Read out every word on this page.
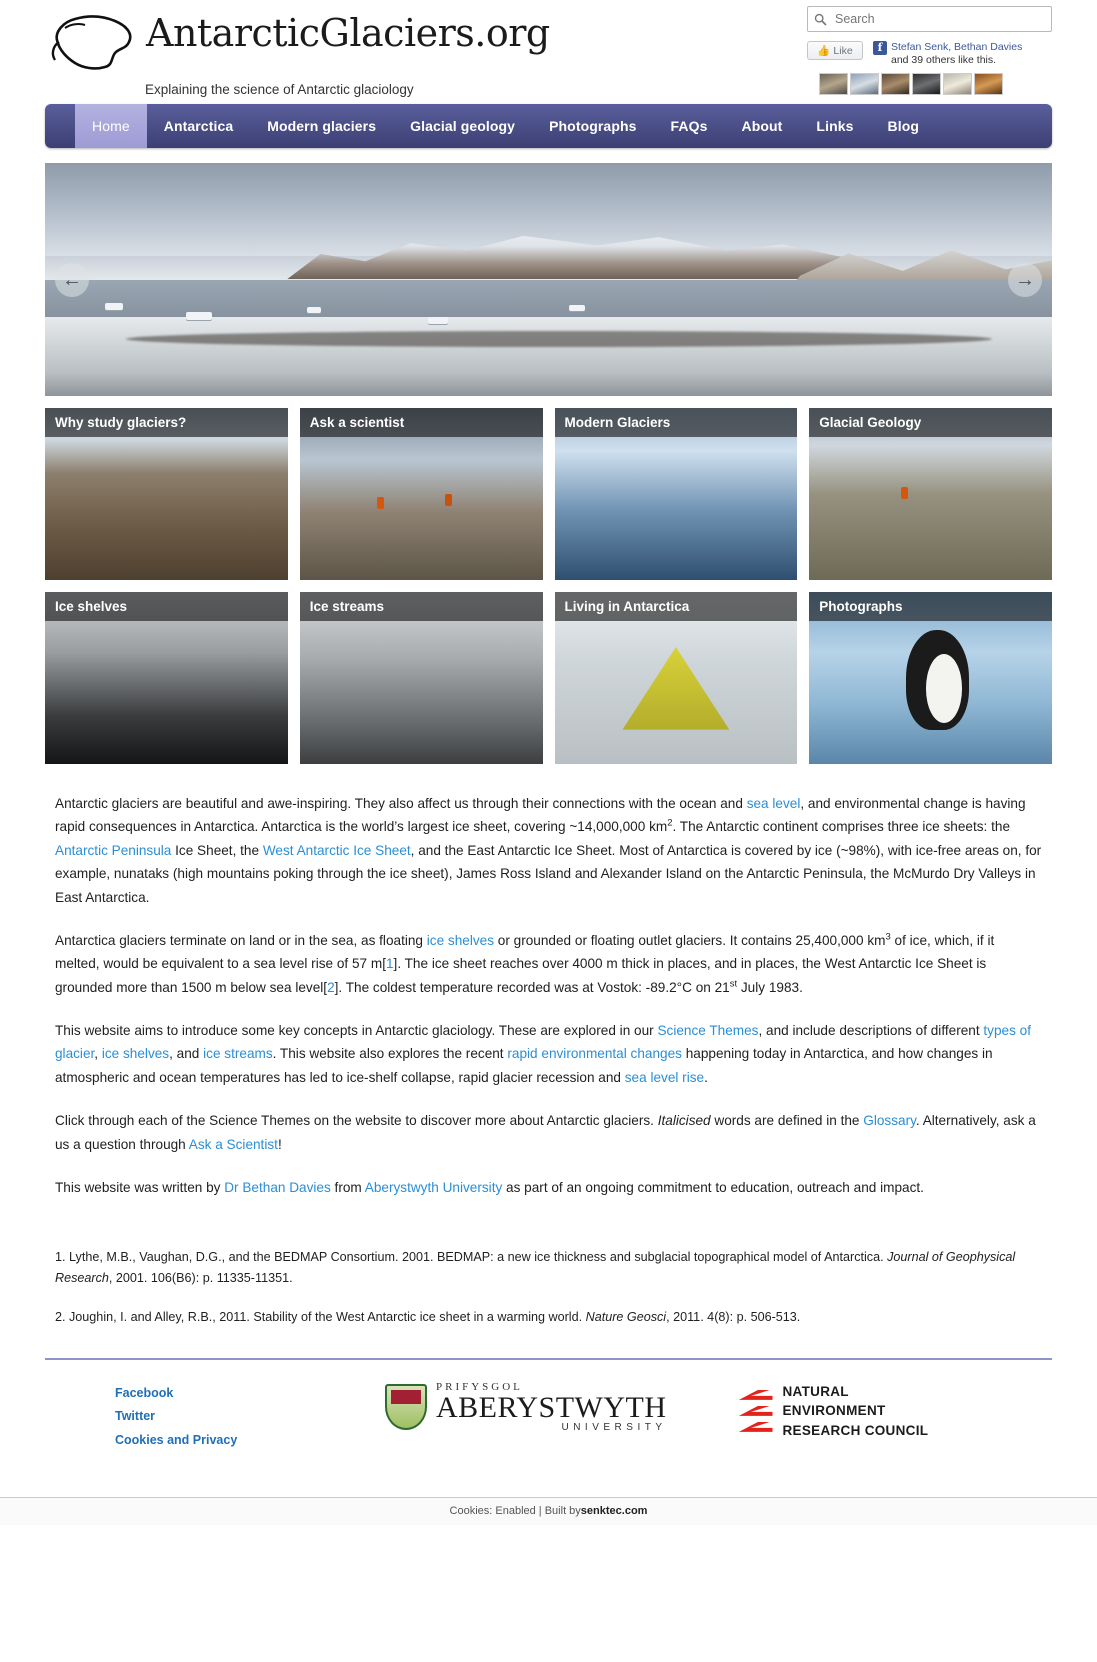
AntarcticGlaciers.org
Explaining the science of Antarctic glaciology
Search
👍 Like	f Stefan Senk, Bethan Davies
and 39 others like this.
Home	Antarctica	Modern glaciers	Glacial geology	Photographs	FAQs	About	Links	Blog
←	→
Why study glaciers?	Ask a scientist	Modern Glaciers	Glacial Geology
Ice shelves	Ice streams	Living in Antarctica	Photographs

Antarctic glaciers are beautiful and awe-inspiring. They also affect us through their connections with the ocean and sea level, and environmental change is having rapid consequences in Antarctica. Antarctica is the world’s largest ice sheet, covering ~14,000,000 $km^2$. The Antarctic continent comprises three ice sheets: the Antarctic Peninsula Ice Sheet, the West Antarctic Ice Sheet, and the East Antarctic Ice Sheet. Most of Antarctica is covered by ice (~98%), with ice-free areas on, for example, nunataks (high mountains poking through the ice sheet), James Ross Island and Alexander Island on the Antarctic Peninsula, the McMurdo Dry Valleys in East Antarctica.

Antarctica glaciers terminate on land or in the sea, as floating ice shelves or grounded or floating outlet glaciers. It contains 25,400,000 $km^3$ of ice, which, if it melted, would be equivalent to a sea level rise of 57 m[1]. The ice sheet reaches over 4000 m thick in places, and in places, the West Antarctic Ice Sheet is grounded more than 1500 m below sea level[2]. The coldest temperature recorded was at Vostok: -89.2°C on 21st July 1983.

This website aims to introduce some key concepts in Antarctic glaciology. These are explored in our Science Themes, and include descriptions of different types of glacier, ice shelves, and ice streams. This website also explores the recent rapid environmental changes happening today in Antarctica, and how changes in atmospheric and ocean temperatures has led to ice-shelf collapse, rapid glacier recession and sea level rise.

Click through each of the Science Themes on the website to discover more about Antarctic glaciers. Italicised words are defined in the Glossary. Alternatively, ask a us a question through Ask a Scientist!

This website was written by Dr Bethan Davies from Aberystwyth University as part of an ongoing commitment to education, outreach and impact.

1. Lythe, M.B., Vaughan, D.G., and the BEDMAP Consortium. 2001. BEDMAP: a new ice thickness and subglacial topographical model of Antarctica. Journal of Geophysical Research, 2001. 106(B6): p. 11335-11351.

2. Joughin, I. and Alley, R.B., 2011. Stability of the West Antarctic ice sheet in a warming world. Nature Geosci, 2011. 4(8): p. 506-513.

Facebook
Twitter
Cookies and Privacy
PRIFYSGOL
ABERYSTWYTH
UNIVERSITY
NATURAL
ENVIRONMENT
RESEARCH COUNCIL
Cookies: Enabled | Built by senktec.com
